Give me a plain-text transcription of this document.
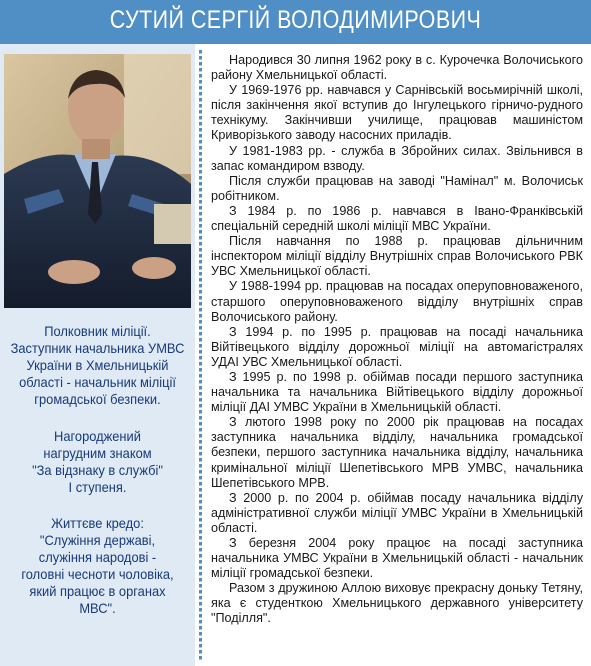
СУТИЙ СЕРГІЙ ВОЛОДИМИРОВИЧ
Полковник міліції.
Заступник начальника УМВС
України в Хмельницькій
області - начальник міліції
громадської безпеки.
Нагороджений
нагрудним знаком
"За відзнаку в службі"
І ступеня.
Життєве кредо:
"Служіння державі,
служіння народові -
головні чесноти чоловіка,
який працює в органах
МВС".

Народився 30 липня 1962 року в с. Курочечка Волочиського району Хмельницької області.

У 1969-1976 рр. навчався у Сарнівській восьмирічній школі, після закінчення якої вступив до Інгулецького гірничо-рудного технікуму. Закінчивши училище, працював машиністом Криворізького заводу насосних приладів.

У 1981-1983 рр. - служба в Збройних силах. Звільнився в запас командиром взводу.

Після служби працював на заводі "Намінал" м. Волочиськ робітником.

З 1984 р. по 1986 р. навчався в Івано-Франківській спеціальній середній школі міліції МВС України.

Після навчання по 1988 р. працював дільничним інспектором міліції відділу Внутрішніх справ Волочиського РВК УВС Хмельницької області.

У 1988-1994 рр. працював на посадах оперуповноваженого, старшого оперуповноваженого відділу внутрішніх справ Волочиського району.

З 1994 р. по 1995 р. працював на посаді начальника Війтівецького відділу дорожньої міліції на автомагістралях УДАІ УВС Хмельницької області.

З 1995 р. по 1998 р. обіймав посади першого заступника начальника та начальника Війтівецького відділу дорожньої міліції ДАІ УМВС України в Хмельницькій області.

З лютого 1998 року по 2000 рік працював на посадах заступника начальника відділу, начальника громадської безпеки, першого заступника начальника відділу, начальника кримінальної міліції Шепетівського МРВ УМВС, начальника Шепетівського МРВ.

З 2000 р. по 2004 р. обіймав посаду начальника відділу адміністративної служби міліції УМВС України в Хмельницькій області.

З березня 2004 року працює на посаді заступника начальника УМВС України в Хмельницькій області - начальник міліції громадської безпеки.

Разом з дружиною Аллою виховує прекрасну доньку Тетяну, яка є студенткою Хмельницького державного університету "Поділля".
